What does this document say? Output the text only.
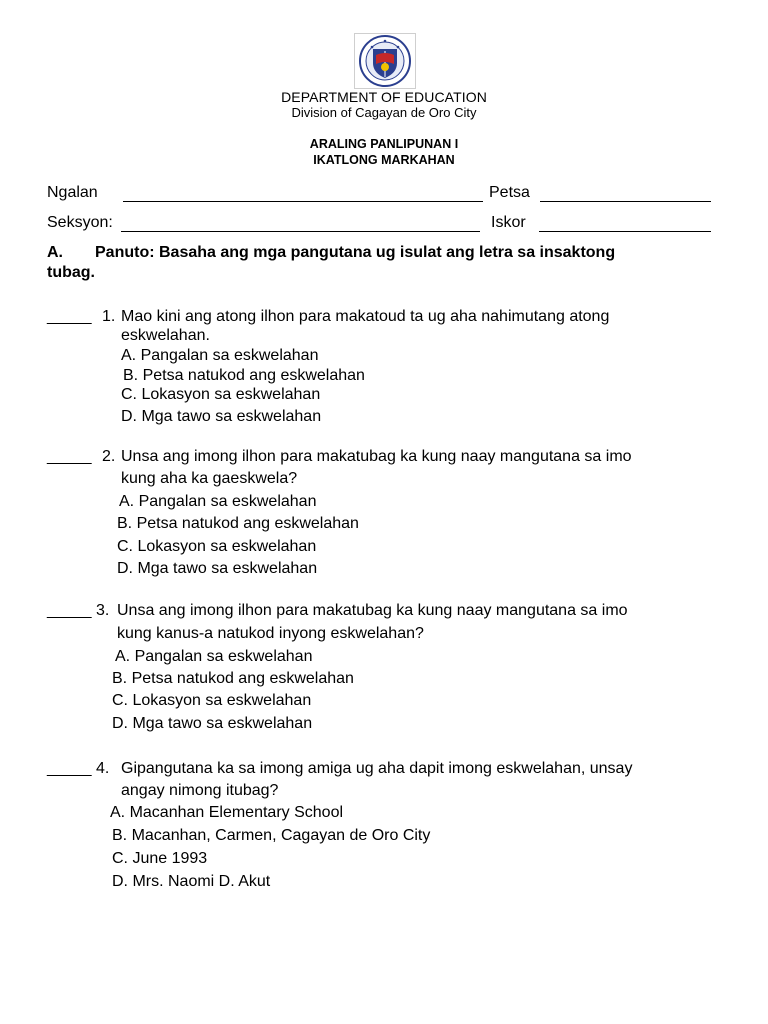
DEPARTMENT OF EDUCATION
Division of Cagayan de Oro City
ARALING PANLIPUNAN I
IKATLONG MARKAHAN
Ngalan	Petsa
Seksyon:	Iskor
A. Panuto: Basaha ang mga pangutana ug isulat ang letra sa insaktong
tubag.
_____ 1. Mao kini ang atong ilhon para makatoud ta ug aha nahimutang atong
eskwelahan.
A. Pangalan sa eskwelahan
B. Petsa natukod ang eskwelahan
C. Lokasyon sa eskwelahan
D. Mga tawo sa eskwelahan
_____ 2. Unsa ang imong ilhon para makatubag ka kung naay mangutana sa imo
kung aha ka gaeskwela?
A. Pangalan sa eskwelahan
B. Petsa natukod ang eskwelahan
C. Lokasyon sa eskwelahan
D. Mga tawo sa eskwelahan
_____ 3. Unsa ang imong ilhon para makatubag ka kung naay mangutana sa imo
kung kanus-a natukod inyong eskwelahan?
A. Pangalan sa eskwelahan
B. Petsa natukod ang eskwelahan
C. Lokasyon sa eskwelahan
D. Mga tawo sa eskwelahan
_____ 4. Gipangutana ka sa imong amiga ug aha dapit imong eskwelahan, unsay
angay nimong itubag?
A. Macanhan Elementary School
B. Macanhan, Carmen, Cagayan de Oro City
C. June 1993
D. Mrs. Naomi D. Akut
